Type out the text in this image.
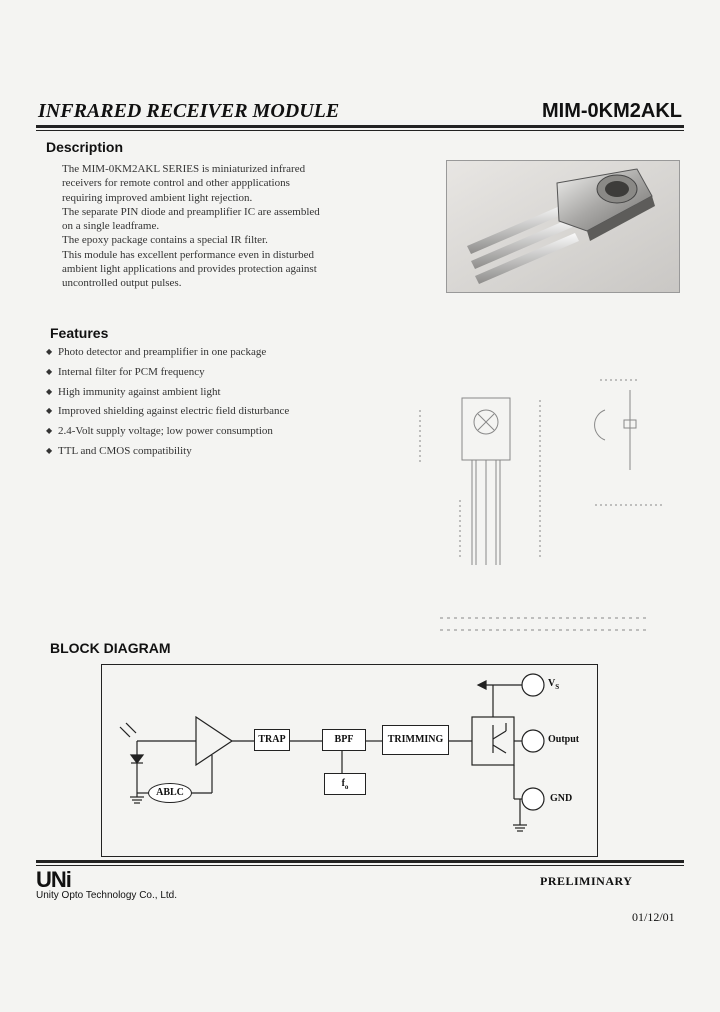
INFRARED RECEIVER MODULE	MIM-0KM2AKL
Description
The MIM-0KM2AKL SERIES is miniaturized infrared
receivers for remote control and other appplications
requiring improved ambient light rejection.
The separate PIN diode and preamplifier IC are assembled
on a single leadframe.
The epoxy package contains a special IR filter.
This module has excellent performance even in disturbed
ambient light applications and provides protection against
uncontrolled output pulses.
Features
◆ Photo detector and preamplifier in one package
◆ Internal filter for PCM frequency
◆ High immunity against ambient light
◆ Improved shielding against electric field disturbance
◆ 2.4-Volt supply voltage; low power consumption
◆ TTL and CMOS compatibility
BLOCK DIAGRAM
TRAP	BPF	TRIMMING
$f_o$
ABLC
$V_S$
Output
GND
UNi
Unity Opto Technology Co., Ltd.
PRELIMINARY
01/12/01
